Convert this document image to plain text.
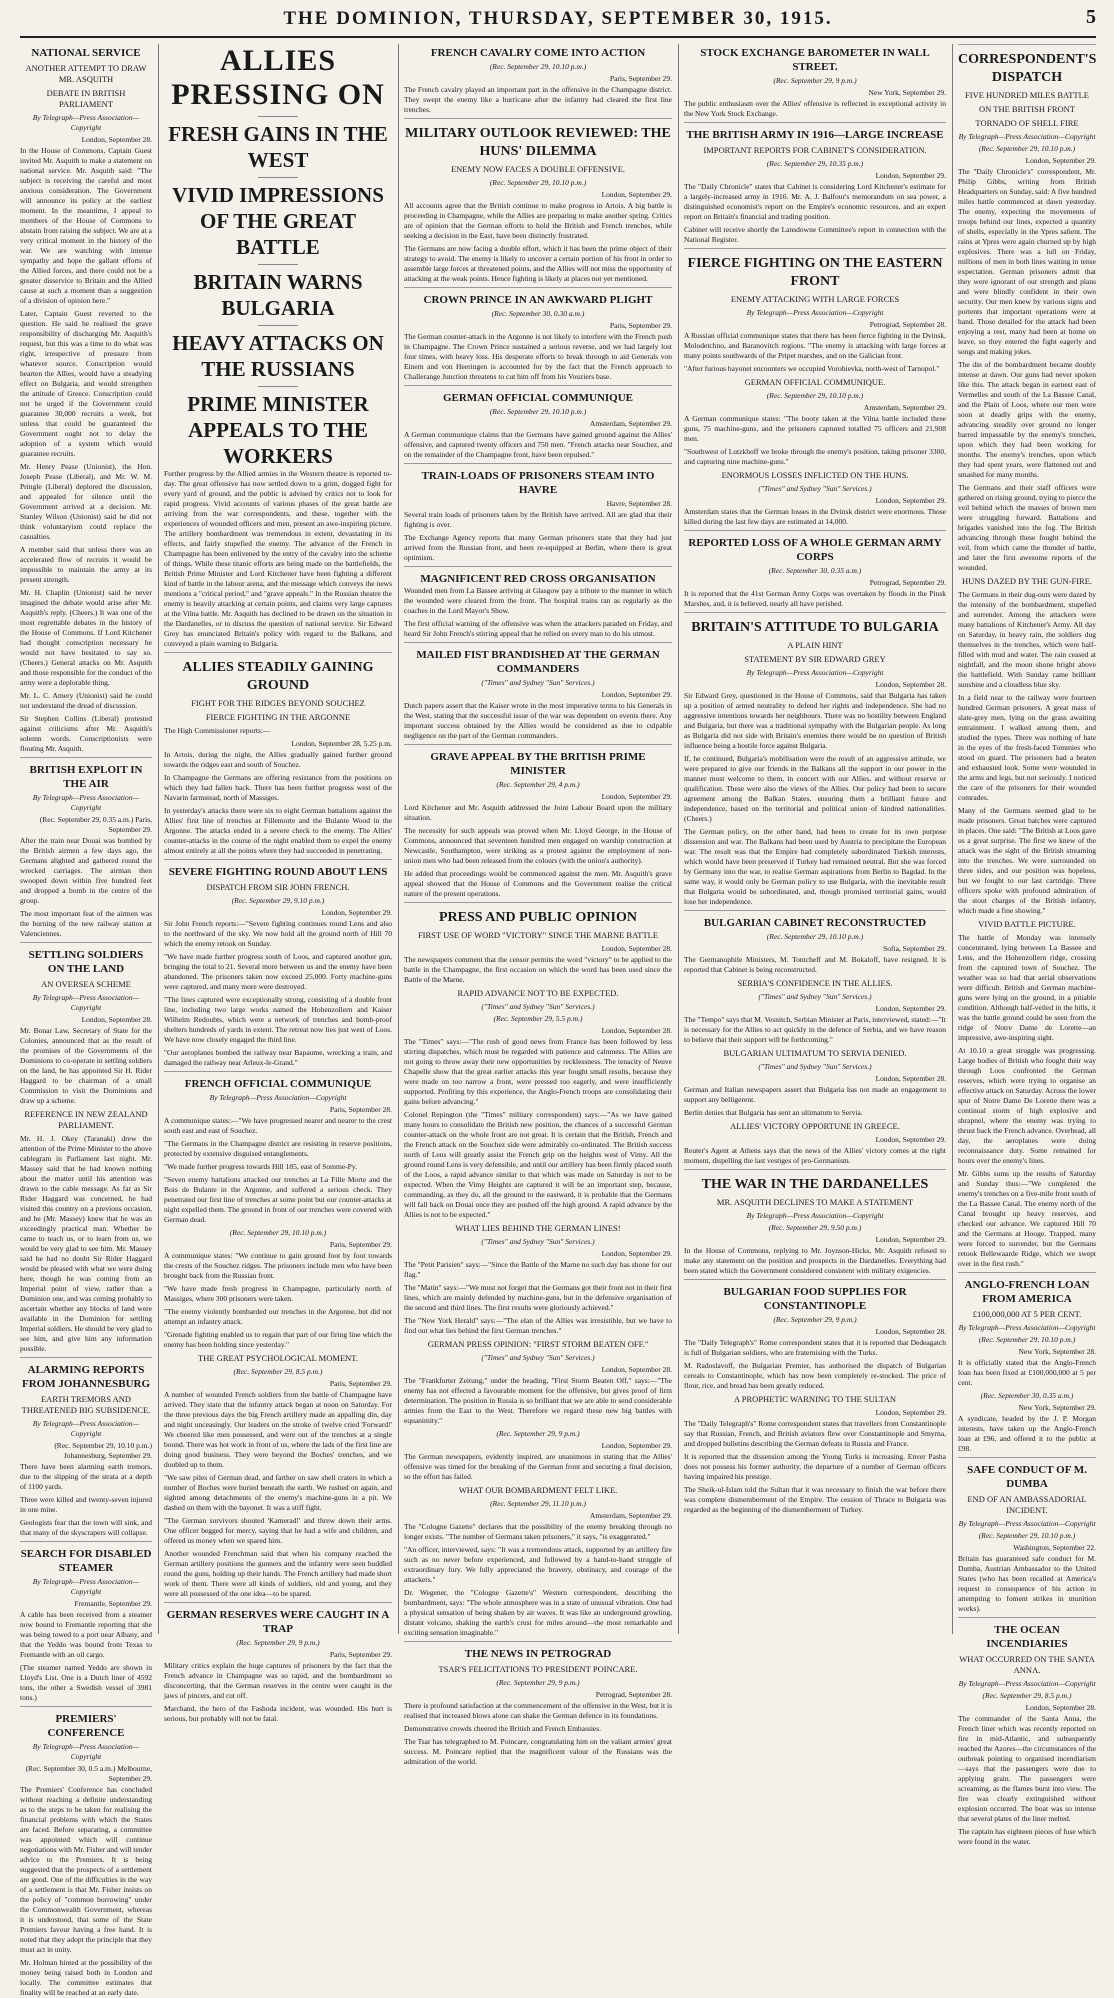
THE DOMINION, THURSDAY, SEPTEMBER 30, 1915.	5
NATIONAL SERVICE
ANOTHER ATTEMPT TO DRAW MR. ASQUITH
DEBATE IN BRITISH PARLIAMENT
By Telegraph—Press Association—Copyright
London, September 28.

In the House of Commons, Captain Guest invited Mr. Asquith to make a statement on national service. Mr. Asquith said: "The subject is receiving the careful and most anxious consideration. The Government will announce its policy at the earliest moment. In the meantime, I appeal to members of the House of Commons to abstain from raising the subject. We are at a very critical moment in the history of the war. We are watching with intense sympathy and hope the gallant efforts of the Allied forces, and there could not be a greater disservice to Britain and the Allied cause at such a moment than a suggestion of a division of opinion here."

Later, Captain Guest reverted to the question. He said he realised the grave responsibility of discharging Mr. Asquith's request, but this was a time to do what was right, irrespective of pressure from whatever source. Conscription would hearten the Allies, would have a steadying effect on Bulgaria, and would strengthen the attitude of Greece. Conscription could not be urged if the Government could guarantee 30,000 recruits a week, but unless that could be guaranteed the Government ought not to delay the adoption of a system which would guarantee recruits.

Mr. Henry Pease (Unionist), the Hon. Joseph Pease (Liberal), and Mr. W. M. Pringle (Liberal) deplored the discussion, and appealed for silence until the Government arrived at a decision. Mr. Stanley Wilson (Unionist) said he did not think voluntaryism could replace the casualties.

A member said that unless there was an accelerated flow of recruits it would be impossible to maintain the army at its present strength.

Mr. H. Chaplin (Unionist) said he never imagined the debate would arise after Mr. Asquith's reply. (Cheers.) It was one of the most regrettable debates in the history of the House of Commons. If Lord Kitchener had thought conscription necessary he would not have hesitated to say so. (Cheers.) General attacks on Mr. Asquith and those responsible for the conduct of the army were a deplorable thing.

Mr. L. C. Amery (Unionist) said he could not understand the dread of discussion.

Sir Stephen Collins (Liberal) protested against criticisms after Mr. Asquith's solemn words. Conscriptionists were flouting Mr. Asquith.

BRITISH EXPLOIT IN THE AIR
By Telegraph—Press Association—Copyright
(Rec. September 29, 0.35 a.m.) Paris, September 29.

After the train near Douai was bombed by the British airmen a few days ago, the Germans alighted and gathered round the wrecked carriages. The airman then swooped down within five hundred feet and dropped a bomb in the centre of the group.

The most important feat of the airmen was the burning of the new railway station at Valenciennes.

SETTLING SOLDIERS ON THE LAND
AN OVERSEA SCHEME
By Telegraph—Press Association—Copyright
London, September 28.

Mr. Bonar Law, Secretary of State for the Colonies, announced that as the result of the promises of the Governments of the Dominions to co-operate in settling soldiers on the land, he has appointed Sir H. Rider Haggard to be chairman of a small Commission to visit the Dominions and draw up a scheme.

REFERENCE IN NEW ZEALAND PARLIAMENT.

Mr. H. J. Okey (Taranaki) drew the attention of the Prime Minister to the above cablegram in Parliament last night. Mr. Massey said that he had known nothing about the matter until his attention was drawn to the cable message. As far as Sir Rider Haggard was concerned, he had visited this country on a previous occasion, and he (Mr. Massey) knew that he was an exceedingly practical man. Whether he came to teach us, or to learn from us, we would be very glad to see him. Mr. Massey said he had no doubt Sir Rider Haggard would be pleased with what we were doing here, though he was coming from an Imperial point of view, rather than a Dominion one, and was coming probably to ascertain whether any blocks of land were available in the Dominion for settling Imperial soldiers. He should be very glad to see him, and give him any information possible.

ALARMING REPORTS FROM JOHANNESBURG
EARTH TREMORS AND THREATENED BIG SUBSIDENCE.
By Telegraph—Press Association—Copyright
(Rec. September 29, 10.10 p.m.) Johannesburg, September 29.

There have been alarming earth tremors, due to the slipping of the strata at a depth of 1100 yards.

Three were killed and twenty-seven injured in one mine.

Geologists fear that the town will sink, and that many of the skyscrapers will collapse.

SEARCH FOR DISABLED STEAMER
By Telegraph—Press Association—Copyright
Fremantle, September 29.

A cable has been received from a steamer now bound to Fremantle reporting that she was being towed to a port near Albany, and that the Yeddo was bound from Texas to Fremantle with an oil cargo.

(The steamer named Yeddo are shown in Lloyd's List. One is a Dutch liner of 4592 tons, the other a Swedish vessel of 3981 tons.)

PREMIERS' CONFERENCE
By Telegraph—Press Association—Copyright
(Rec. September 30, 0.5 a.m.) Melbourne, September 29.

The Premiers' Conference has concluded without reaching a definite understanding as to the steps to be taken for realising the financial problems with which the States are faced. Before separating, a committee was appointed which will continue negotiations with Mr. Fisher and will tender advice to the Premiers. It is being suggested that the prospects of a settlement are good. One of the difficulties in the way of a settlement is that Mr. Fisher insists on the policy of "common borrowing" under the Commonwealth Government, whereas it is understood, that some of the State Premiers favour having a free hand. It is noted that they adopt the principle that they must act in unity.

Mr. Holman hinted at the possibility of the money being raised both in London and locally. The committee estimates that finality will be reached at an early date.

ALLIES PRESSING ON
FRESH GAINS IN THE WEST
VIVID IMPRESSIONS OF THE GREAT BATTLE
BRITAIN WARNS BULGARIA
HEAVY ATTACKS ON THE RUSSIANS
PRIME MINISTER APPEALS TO THE WORKERS

Further progress by the Allied armies in the Western theatre is reported to-day. The great offensive has now settled down to a grim, dogged fight for every yard of ground, and the public is advised by critics not to look for rapid progress. Vivid accounts of various phases of the great battle are arriving from the war correspondents, and these, together with the experiences of wounded officers and men, present an awe-inspiring picture. The artillery bombardment was tremendous in extent, devastating in its effects, and fairly stupefied the enemy. The advance of the French in Champagne has been enlivened by the entry of the cavalry into the scheme of things. While these titanic efforts are being made on the battlefields, the British Prime Minister and Lord Kitchener have been fighting a different kind of battle in the labour arena, and the message which conveys the news mentions a "critical period," and "grave appeals." In the Russian theatre the enemy is heavily attacking at certain points, and claims very large captures at the Vilna battle. Mr. Asquith has declined to be drawn on the situation in the Dardanelles, or to discuss the question of national service. Sir Edward Grey has enunciated Britain's policy with regard to the Balkans, and conveyed a plain warning to Bulgaria.

ALLIES STEADILY GAINING GROUND
FIGHT FOR THE RIDGES BEYOND SOUCHEZ
FIERCE FIGHTING IN THE ARGONNE

The High Commissioner reports:—

London, September 28, 5.25 p.m.

In Artois, during the night, the Allies gradually gained further ground towards the ridges east and south of Souchez.

In Champagne the Germans are offering resistance from the positions on which they had fallen back. There has been further progress west of the Navarin farmstead, north of Massiges.

In yesterday's attacks there were six to eight German battalions against the Allies' first line of trenches at Fillemorte and the Bulante Wood in the Argonne. The attacks ended in a severe check to the enemy. The Allies' counter-attacks in the course of the night enabled them to expel the enemy almost entirely at all the points where they had succeeded in penetrating.

SEVERE FIGHTING ROUND ABOUT LENS
DISPATCH FROM SIR JOHN FRENCH.
(Rec. September 29, 9.10 p.m.)
London, September 29.

Sir John French reports:—"Severe fighting continues round Lens and also to the northward of the sky. We now hold all the ground north of Hill 70 which the enemy retook on Sunday.

"We have made further progress south of Loos, and captured another gun, bringing the total to 21. Several more between us and the enemy have been abandoned. The prisoners taken now exceed 25,000. Forty machine-guns were captured, and many more were destroyed.

"The lines captured were exceptionally strong, consisting of a double front line, including two large works named the Hohenzollern and Kaiser Wilhelm Redoubts, which were a network of trenches and bomb-proof shelters hundreds of yards in extent. The retreat now lies just west of Loos. We have now closely engaged the third line.

"Our aeroplanes bombed the railway near Bapaume, wrecking a train, and damaged the railway near Arleux-le-Grand."

FRENCH OFFICIAL COMMUNIQUE
By Telegraph—Press Association—Copyright
Paris, September 28.

A communique states:—"We have progressed nearer and nearer to the crest south east and east of Souchez.

"The Germans in the Champagne district are resisting in reserve positions, protected by extensive disguised entanglements.

"We made further progress towards Hill 185, east of Somme-Py.

"Seven enemy battalions attacked our trenches at La Fille Morte and the Bois de Bulante in the Argonne, and suffered a serious check. They penetrated our first line of trenches at some point but our counter-attacks at night expelled them. The ground in front of our trenches were covered with German dead.

(Rec. September 29, 10.10 p.m.)
Paris, September 29.

A communique states: "We continue to gain ground foot by foot towards the crests of the Souchez ridges. The prisoners include men who have been brought back from the Russian front.

"We have made fresh progress in Champagne, particularly north of Massiges, where 300 prisoners were taken.

"The enemy violently bombarded our trenches in the Argonne, but did not attempt an infantry attack.

"Grenade fighting enabled us to regain that part of our firing line which the enemy has been holding since yesterday."

THE GREAT PSYCHOLOGICAL MOMENT.
(Rec. September 29, 8.5 p.m.)
Paris, September 29.

A number of wounded French soldiers from the battle of Champagne have arrived. They state that the infantry attack began at noon on Saturday. For the three previous days the big French artillery made an appalling din, day and night unceasingly. Our leaders on the stroke of twelve cried 'Forward!' We cheered like men possessed, and were out of the trenches at a single bound. There was hot work in front of us, where the lads of the first line are doing good business. They were beyond the Boches' trenches, and we doubled up to them.

"We saw piles of German dead, and farther on saw shell craters in which a number of Boches were buried beneath the earth. We rushed on again, and sighted among detachments of the enemy's machine-guns in a pit. We dashed on them with the bayonet. It was a stiff fight.

"The German survivors shouted 'Kamerad!' and threw down their arms. One officer begged for mercy, saying that he had a wife and children, and offered us money when we spared him.

Another wounded Frenchman said that when his company reached the German artillery positions the gunners and the infantry were seen huddled round the guns, holding up their hands. The French artillery had made short work of them. There were all kinds of soldiers, old and young, and they were all possessed of the one idea—to be spared.

GERMAN RESERVES WERE CAUGHT IN A TRAP
(Rec. September 29, 9 p.m.)
Paris, September 29.

Military critics explain the huge captures of prisoners by the fact that the French advance in Champagne was so rapid, and the bombardment so disconcerting, that the German reserves in the centre were caught in the jaws of pincers, and cut off.

Marchand, the hero of the Fashoda incident, was wounded. His hurt is serious, but probably will not be fatal.

FRENCH CAVALRY COME INTO ACTION
(Rec. September 29, 10.10 p.m.)
Paris, September 29.

The French cavalry played an important part in the offensive in the Champagne district. They swept the enemy like a hurricane after the infantry had cleared the first line trenches.

MILITARY OUTLOOK REVIEWED: THE HUNS' DILEMMA
ENEMY NOW FACES A DOUBLE OFFENSIVE.
(Rec. September 29, 10.10 p.m.)
London, September 29.

All accounts agree that the British continue to make progress in Artois. A big battle is proceeding in Champagne, while the Allies are preparing to make another spring. Critics are of opinion that the German efforts to hold the British and French trenches, while seeking a decision in the East, have been distinctly frustrated.

The Germans are now facing a double effort, which it has been the prime object of their strategy to avoid. The enemy is likely to uncover a certain portion of his front in order to assemble large forces at threatened points, and the Allies will not miss the opportunity of attacking at the weak points. Hence fighting is likely at places not yet mentioned.

CROWN PRINCE IN AN AWKWARD PLIGHT
(Rec. September 30, 0.30 a.m.)
Paris, September 29.

The German counter-attack in the Argonne is not likely to interfere with the French push in Champagne. The Crown Prince sustained a serious reverse, and we had largely lost four times, with heavy loss. His desperate efforts to break through to aid Generals von Einem and von Heeringen is accounted for by the fact that the French approach to Challerange Junction threatens to cut him off from his Vouziers base.

GERMAN OFFICIAL COMMUNIQUE
(Rec. September 29, 10.10 p.m.)
Amsterdam, September 29.

A German communique claims that the Germans have gained ground against the Allies' offensive, and captured twenty officers and 750 men. "French attacks near Souchez, and on the remainder of the Champagne front, have been repulsed."

TRAIN-LOADS OF PRISONERS STEAM INTO HAVRE
Havre, September 28.

Several train loads of prisoners taken by the British have arrived. All are glad that their fighting is over.

The Exchange Agency reports that many German prisoners state that they had just arrived from the Russian front, and been re-equipped at Berlin, where there is great optimism.

MAGNIFICENT RED CROSS ORGANISATION

Wounded men from La Bassee arriving at Glasgow pay a tribute to the manner in which the wounded were cleared from the front. The hospital trains ran as regularly as the coaches in the Lord Mayor's Show.

The first official warning of the offensive was when the attackers paraded on Friday, and heard Sir John French's stirring appeal that he relied on every man to do his utmost.

MAILED FIST BRANDISHED AT THE GERMAN COMMANDERS
("Times" and Sydney "Sun" Services.)
London, September 29.

Dutch papers assert that the Kaiser wrote in the most imperative terms to his Generals in the West, stating that the successful issue of the war was dependent on events there. Any important success obtained by the Allies would be considered as due to culpable negligence on the part of the German commanders.

GRAVE APPEAL BY THE BRITISH PRIME MINISTER
(Rec. September 29, 4 p.m.)
London, September 29.

Lord Kitchener and Mr. Asquith addressed the Joint Labour Board upon the military situation.

The necessity for such appeals was proved when Mr. Lloyd George, in the House of Commons, announced that seventeen hundred men engaged on warship construction at Newcastle, Southampton, were striking as a protest against the employment of non-union men who had been released from the colours (with the union's authority).

He added that proceedings would be commenced against the men. Mr. Asquith's grave appeal showed that the House of Commons and the Government realise the critical nature of the present operations.

PRESS AND PUBLIC OPINION
FIRST USE OF WORD "VICTORY" SINCE THE MARNE BATTLE
London, September 28.

The newspapers comment that the censor permits the word "victory" to be applied to the battle in the Champagne, the first occasion on which the word has been used since the Battle of the Marne.

RAPID ADVANCE NOT TO BE EXPECTED.
("Times" and Sydney "Sun" Services.)
(Rec. September 29, 5.5 p.m.)
London, September 28.

The "Times" says:—"The rush of good news from France has been followed by less stirring dispatches, which must be regarded with patience and calmness. The Allies are not going to throw away their new opportunities by recklessness. The tenacity of Neuve Chapelle show that the great earlier attacks this year fought small results, because they were made on too narrow a front, were pressed too eagerly, and were insufficiently supported. Profiting by this experience, the Anglo-French troops are consolidating their gains before advancing."

Colonel Repington (the "Times" military correspondent) says:—"As we have gained many hours to consolidate the British new position, the chances of a successful German counter-attack on the whole front are not great. It is certain that the British, French and the French attack on the Souchez side were admirably co-ordinated. The British success north of Lens will greatly assist the French grip on the heights west of Vimy. All the ground round Lens is very defensible, and until our artillery has been firmly placed south of the Loos, a rapid advance similar to that which was made on Saturday is not to be expected. When the Vimy Heights are captured it will be an important step, because, commanding, as they do, all the ground to the eastward, it is probable that the Germans will fall back on Douai once they are pushed off the high ground. A rapid advance by the Allies is not to be expected."

WHAT LIES BEHIND THE GERMAN LINES!
("Times" and Sydney "Sun" Services.)
London, September 29.

The "Petit Parisien" says:—"Since the Battle of the Marne no such day has shone for our flag."

The "Matin" says:—"We must not forget that the Germans got their front not in their first lines, which are mainly defended by machine-guns, but in the defensive organisation of the second and third lines. The first results were gloriously achieved."

The "New York Herald" says:—"The elan of the Allies was irresistible, but we have to find out what lies behind the first German trenches."

GERMAN PRESS OPINION: "FIRST STORM BEATEN OFF."
("Times" and Sydney "Sun" Services.)
London, September 28.

The "Frankfurter Zeitung," under the heading, "First Storm Beaten Off," says:—"The enemy has not effected a favourable moment for the offensive, but gives proof of firm determination. The position in Russia is so brilliant that we are able to send considerable armies from the East to the West. Therefore we regard these new big battles with equanimity."

(Rec. September 29, 9 p.m.)
London, September 29.

The German newspapers, evidently inspired, are unanimous in stating that the Allies' offensive was timed for the breaking of the German front and securing a final decision, so the effort has failed.

WHAT OUR BOMBARDMENT FELT LIKE.
(Rec. September 29, 11.10 p.m.)
Amsterdam, September 29.

The "Cologne Gazette" declares that the possibility of the enemy breaking through no longer exists. "The number of Germans taken prisoners," it says, "is exaggerated."

"An officer, interviewed, says: "It was a tremendous attack, supported by an artillery fire such as no never before experienced, and followed by a hand-to-hand struggle of extraordinary fury. We fully appreciated the bravery, obstinacy, and courage of the attackers."

Dr. Wegener, the "Cologne Gazette's" Western correspondent, describing the bombardment, says: "The whole atmosphere was in a state of unusual vibration. One had a physical sensation of being shaken by air waves. It was like an underground growling, distant volcano, shaking the earth's crust for miles around—the most remarkable and exciting sensation imaginable."

THE NEWS IN PETROGRAD
TSAR'S FELICITATIONS TO PRESIDENT POINCARE.
(Rec. September 29, 9 p.m.)
Petrograd, September 28.

There is profound satisfaction at the commencement of the offensive in the West, but it is realised that increased blows alone can shake the German defence in its foundations.

Demonstrative crowds cheered the British and French Embassies.

The Tsar has telegraphed to M. Poincare, congratulating him on the valiant armies' great success. M. Poincare replied that the magnificent valour of the Russians was the admiration of the world.

STOCK EXCHANGE BAROMETER IN WALL STREET.
(Rec. September 29, 9 p.m.)
New York, September 29.

The public enthusiasm over the Allies' offensive is reflected in exceptional activity in the New York Stock Exchange.

THE BRITISH ARMY IN 1916—LARGE INCREASE
IMPORTANT REPORTS FOR CABINET'S CONSIDERATION.
(Rec. September 29, 10.35 p.m.)
London, September 29.

The "Daily Chronicle" states that Cabinet is considering Lord Kitchener's estimate for a largely-increased army in 1916. Mr. A. J. Balfour's memorandum on sea power, a distinguished economist's report on the Empire's economic resources, and an expert report on Britain's financial and trading position.

Cabinet will receive shortly the Lansdowne Committee's report in connection with the National Register.

FIERCE FIGHTING ON THE EASTERN FRONT
ENEMY ATTACKING WITH LARGE FORCES
By Telegraph—Press Association—Copyright
Petrograd, September 28.

A Russian official communique states that there has been fierce fighting in the Dvinsk, Molodetchno, and Baranovitch regions. "The enemy is attacking with large forces at many points southwards of the Pripet marshes, and on the Galician front.

"After furious bayonet encounters we occupied Vorobievka, north-west of Tarnopol."

GERMAN OFFICIAL COMMUNIQUE.
(Rec. September 29, 10.10 p.m.)
Amsterdam, September 29.

A German communique states: "The booty taken at the Vilna battle included three guns, 75 machine-guns, and the prisoners captured totalled 75 officers and 21,908 men.

"Southwest of Lutzkhoff we broke through the enemy's position, taking prisoner 3300, and capturing nine machine-guns."

ENORMOUS LOSSES INFLICTED ON THE HUNS.
("Times" and Sydney "Sun" Services.)
London, September 29.

Amsterdam states that the German losses in the Dvinsk district were enormous. Those killed during the last few days are estimated at 14,000.

REPORTED LOSS OF A WHOLE GERMAN ARMY CORPS
(Rec. September 30, 0.35 a.m.)
Petrograd, September 29.

It is reported that the 41st German Army Corps was overtaken by floods in the Pinsk Marshes, and, it is believed, nearly all have perished.

BRITAIN'S ATTITUDE TO BULGARIA
A PLAIN HINT
STATEMENT BY SIR EDWARD GREY
By Telegraph—Press Association—Copyright
London, September 28.

Sir Edward Grey, questioned in the House of Commons, said that Bulgaria has taken up a position of armed neutrality to defend her rights and independence. She had no aggressive intentions towards her neighbours. There was no hostility between England and Bulgaria, but there was a traditional sympathy with the Bulgarian people. As long as Bulgaria did not side with Britain's enemies there would be no question of British influence being a hostile force against Bulgaria.

If, he continued, Bulgaria's mobilisation were the result of an aggressive attitude, we were prepared to give our friends in the Balkans all the support in our power in the manner most welcome to them, in concert with our Allies, and without reserve or qualification. These were also the views of the Allies. Our policy had been to secure agreement among the Balkan States, ensuring them a brilliant future and independence, based on the territorial and political union of kindred nationalities. (Cheers.)

The German policy, on the other hand, had been to create for its own purpose dissension and war. The Balkans had been used by Austria to precipitate the European war. The result was that the Empire had completely subordinated Turkish interests, which would have been preserved if Turkey had remained neutral. But she was forced by Germany into the war, to realise German aspirations from Berlin to Bagdad. In the same way, it would only be German policy to use Bulgaria, with the inevitable result that Bulgaria would be subordinated, and, though promised territorial gains, would lose her independence.

BULGARIAN CABINET RECONSTRUCTED
(Rec. September 29, 10.10 p.m.)
Sofia, September 29.

The Germanophile Ministers, M. Tontcheff and M. Bokaloff, have resigned. It is reported that Cabinet is being reconstructed.

SERBIA'S CONFIDENCE IN THE ALLIES.
("Times" and Sydney "Sun" Services.)
London, September 29.

The "Tempo" says that M. Vesnitch, Serbian Minister at Paris, interviewed, stated:—"It is necessary for the Allies to act quickly in the defence of Serbia, and we have reason to believe that their support will be forthcoming."

BULGARIAN ULTIMATUM TO SERVIA DENIED.
("Times" and Sydney "Sun" Services.)
London, September 28.

German and Italian newspapers assert that Bulgaria has not made an engagement to support any belligerent.

Berlin denies that Bulgaria has sent an ultimatum to Servia.

ALLIES' VICTORY OPPORTUNE IN GREECE.
London, September 29.

Reuter's Agent at Athens says that the news of the Allies' victory comes at the right moment, dispelling the last vestiges of pro-Germanism.

THE WAR IN THE DARDANELLES
MR. ASQUITH DECLINES TO MAKE A STATEMENT
By Telegraph—Press Association—Copyright
(Rec. September 29, 9.50 p.m.)
London, September 29.

In the House of Commons, replying to Mr. Joynson-Hicks, Mr. Asquith refused to make any statement on the position and prospects in the Dardanelles. Everything had been stated which the Government considered consistent with military exigencies.

BULGARIAN FOOD SUPPLIES FOR CONSTANTINOPLE
(Rec. September 29, 9 p.m.)
London, September 28.

The "Daily Telegraph's" Rome correspondent states that it is reported that Dedeagatch is full of Bulgarian soldiers, who are fraternising with the Turks.

M. Radoslavoff, the Bulgarian Premier, has authorised the dispatch of Bulgarian cereals to Constantinople, which has now been completely re-stocked. The price of flour, rice, and bread has been greatly reduced.

A PROPHETIC WARNING TO THE SULTAN
London, September 29.

The "Daily Telegraph's" Rome correspondent states that travellers from Constantinople say that Russian, French, and British aviators flew over Constantinople and Smyrna, and dropped bulletins describing the German defeats in Russia and France.

It is reported that the dissension among the Young Turks is increasing. Enver Pasha does not possess his former authority, the departure of a number of German officers having impaired his prestige.

The Sheik-ul-Islam told the Sultan that it was necessary to finish the war before there was complete dismemberment of the Empire. The cession of Thrace to Bulgaria was regarded as the beginning of the dismemberment of Turkey.

CORRESPONDENT'S DISPATCH
FIVE HUNDRED MILES BATTLE
ON THE BRITISH FRONT
TORNADO OF SHELL FIRE
By Telegraph—Press Association—Copyright
(Rec. September 29, 10.10 p.m.)
London, September 29.

The "Daily Chronicle's" correspondent, Mr. Philip Gibbs, writing from British Headquarters on Sunday, said: A five hundred miles battle commenced at dawn yesterday. The enemy, expecting the movements of troops behind our lines, expected a quantity of shells, especially in the Ypres salient. The rains at Ypres were again churned up by high explosives. There was a lull on Friday, millions of men in both lines waiting in tense expectation. German prisoners admit that they were ignorant of our strength and plans and were blindly confident in their own security. Our men knew by various signs and portents that important operations were at hand. Those detailed for the attack had been enjoying a rest, many had been at home on leave, so they entered the fight eagerly and songs and making jokes.

The din of the bombardment became doubly intense at dawn. Our guns had never spoken like this. The attack began in earnest east of Vermelles and south of the La Bassee Canal, and the Plain of Loos, where our men were soon at deadly grips with the enemy, advancing steadily over ground no longer barred impassable by the enemy's trenches, upon which they had been working for months. The enemy's trenches, upon which they had spent years, were flattened out and smashed for many months.

The Germans and their staff officers were gathered on rising ground, trying to pierce the veil behind which the masses of brown men were struggling forward. Battalions and brigades vanished into the fog. The British advancing through these fought behind the veil, from which came the thunder of battle, and later the first awesome reports of the wounded.

HUNS DAZED BY THE GUN-FIRE.

The Germans in their dug-outs were dazed by the intensity of the bombardment, stupefied and surrender. Among the attackers were many battalions of Kitchener's Army. All day on Saturday, in heavy rain, the soldiers dug themselves in the trenches, which were half-filled with mud and water. The rain ceased at nightfall, and the moon shone bright above the battlefield. With Sunday came brilliant sunshine and a cloudless blue sky.

In a field near to the railway were fourteen hundred German prisoners. A great mass of slate-grey men, lying on the grass awaiting entrainment. I walked among them, and studied the types. There was nothing of hate in the eyes of the fresh-faced Tommies who stood on guard. The prisoners had a beaten and exhausted look. Some were wounded in the arms and legs, but not seriously. I noticed the care of the prisoners for their wounded comrades.

Many of the Germans seemed glad to be made prisoners. Great batches were captured in places. One said: "The British at Loos gave us a great surprise. The first we knew of the attack was the sight of the British streaming into the trenches. We were surrounded on three sides, and our position was hopeless, but we fought to our last cartridge. Three officers spoke with profound admiration of the stout charges of the British infantry, which made a fine showing."

VIVID BATTLE PICTURE.

The battle of Monday was intensely concentrated, lying between La Bassee and Lens, and the Hohenzollern ridge, crossing from the captured town of Souchez. The weather was so bad that aerial observations were difficult. British and German machine-guns were lying on the ground, in a pitiable condition. Although half-veiled in the hills, it was the battle ground could be seen from the ridge of Notre Dame de Lorette—an impressive, awe-inspiring sight.

At 10.10 a great struggle was progressing. Large bodies of British who fought their way through Loos confronted the German reserves, which were trying to organise an effective attack on Saturday. Across the lower spur of Notre Dame De Lorette there was a continual storm of high explosive and shrapnel, where the enemy was trying to thrust back the French advance. Overhead, all day, the aeroplanes were doing reconnaissance duty. Some remained for hours over the enemy's lines.

Mr. Gibbs sums up the results of Saturday and Sunday thus:—"We completed the enemy's trenches on a five-mile front south of the La Bassee Canal. The enemy north of the Canal brought up heavy reserves, and checked our advance. We captured Hill 70 and the Germans at Hooge. Trapped, many were forced to surrender, but the Germans retook Bellewaarde Ridge, which we swept over in the first rush."

ANGLO-FRENCH LOAN FROM AMERICA
£100,000,000 AT 5 PER CENT.
By Telegraph—Press Association—Copyright
(Rec. September 29, 10.10 p.m.)
New York, September 28.

It is officially stated that the Anglo-French loan has been fixed at £100,000,000 at 5 per cent.

(Rec. September 30, 0.35 a.m.)
New York, September 29.

A syndicate, headed by the J. P. Morgan interests, have taken up the Anglo-French loan at £96, and offered it to the public at £98.

SAFE CONDUCT OF M. DUMBA
END OF AN AMBASSADORIAL INCIDENT.
By Telegraph—Press Association—Copyright
(Rec. September 29, 10.10 p.m.)
Washington, September 22.

Britain has guaranteed safe conduct for M. Dumba, Austrian Ambassador to the United States (who has been recalled at America's request in consequence of his action in attempting to foment strikes in munition works).

THE OCEAN INCENDIARIES
WHAT OCCURRED ON THE SANTA ANNA.
By Telegraph—Press Association—Copyright
(Rec. September 29, 8.5 p.m.)
London, September 28.

The commander of the Santa Anna, the French liner which was recently reported on fire in mid-Atlantic, and subsequently reached the Azores—the circumstances of the outbreak pointing to organised incendiarism—says that the passengers were due to applying grain. The passengers were screaming, as the flames burst into view. The fire was clearly extinguished without explosion occurred. The boat was so intense that several plates of the liner melted.

The captain has eighteen pieces of fuse which were found in the water.
